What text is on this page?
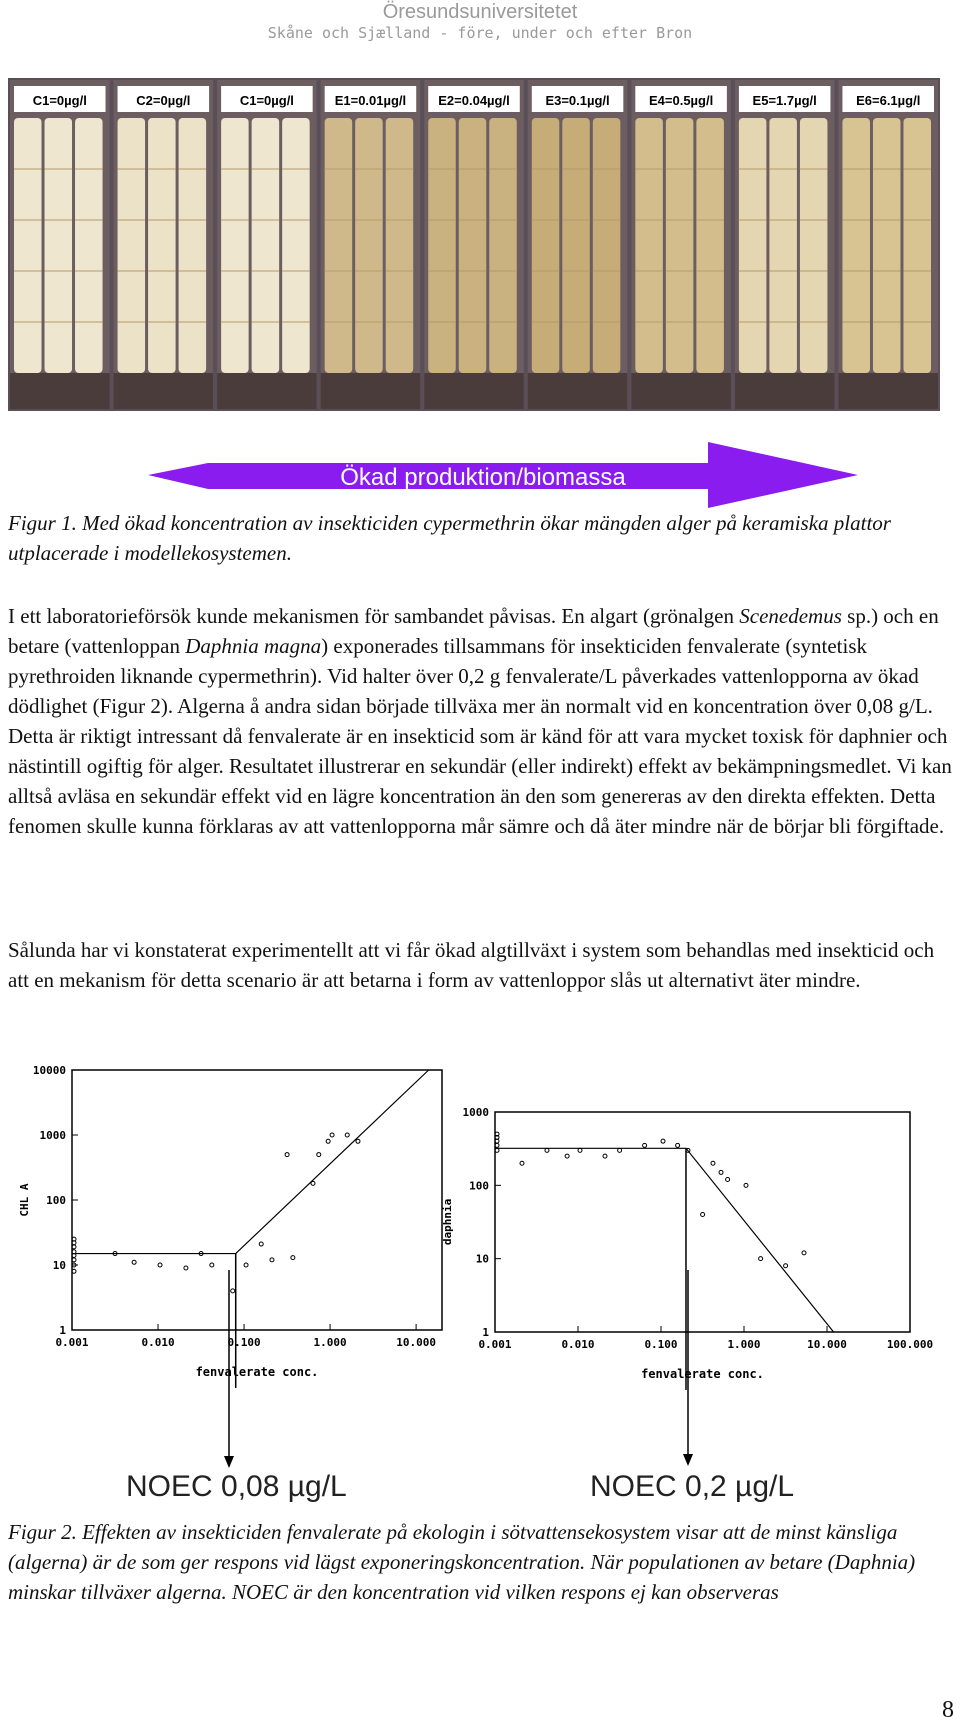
Öresundsuniversitetet
Skåne och Sjælland - före, under och efter Bron
C1=0µg/l	C2=0µg/l	C1=0µg/l	E1=0.01µg/l E2=0.04µg/l	E3=0.1µg/l	E4=0.5µg/l	E5=1.7µg/l	E6=6.1µg/l
Ökad produktion/biomassa
Figur 1. Med ökad koncentration av insekticiden cypermethrin ökar mängden alger på keramiska plattor utplacerade i modellekosystemen.

I ett laboratorieförsök kunde mekanismen för sambandet påvisas. En algart (grönalgen Scenedemus sp.) och en betare (vattenloppan Daphnia magna) exponerades tillsammans för insekticiden fenvalerate (syntetisk pyrethroiden liknande cypermethrin). Vid halter över 0,2 g fenvalerate/L påverkades vattenlopporna av ökad dödlighet (Figur 2). Algerna å andra sidan började tillväxa mer än normalt vid en koncentration över 0,08 g/L. Detta är riktigt intressant då fenvalerate är en insekticid som är känd för att vara mycket toxisk för daphnier och nästintill ogiftig för alger. Resultatet illustrerar en sekundär (eller indirekt) effekt av bekämpningsmedlet. Vi kan alltså avläsa en sekundär effekt vid en lägre koncentration än den som genereras av den direkta effekten. Detta fenomen skulle kunna förklaras av att vattenlopporna mår sämre och då äter mindre när de börjar bli förgiftade.

Sålunda har vi konstaterat experimentellt att vi får ökad algtillväxt i system som behandlas med insekticid och att en mekanism för detta scenario är att betarna i form av vattenloppor slås ut alternativt äter mindre.
1
10
100
1000
10000
0.001	0.010	0.100	1.000	10.000
fenvalerate conc.
CHL A
1
10
100
1000
0.001	0.010	0.100	1.000	10.000	100.000
fenvalerate conc.
daphnia
NOEC 0,08 µg/L	NOEC 0,2 µg/L
Figur 2. Effekten av insekticiden fenvalerate på ekologin i sötvattensekosystem visar att de minst känsliga (algerna) är de som ger respons vid lägst exponeringskoncentration. När populationen av betare (Daphnia) minskar tillväxer algerna. NOEC är den koncentration vid vilken respons ej kan observeras
8
